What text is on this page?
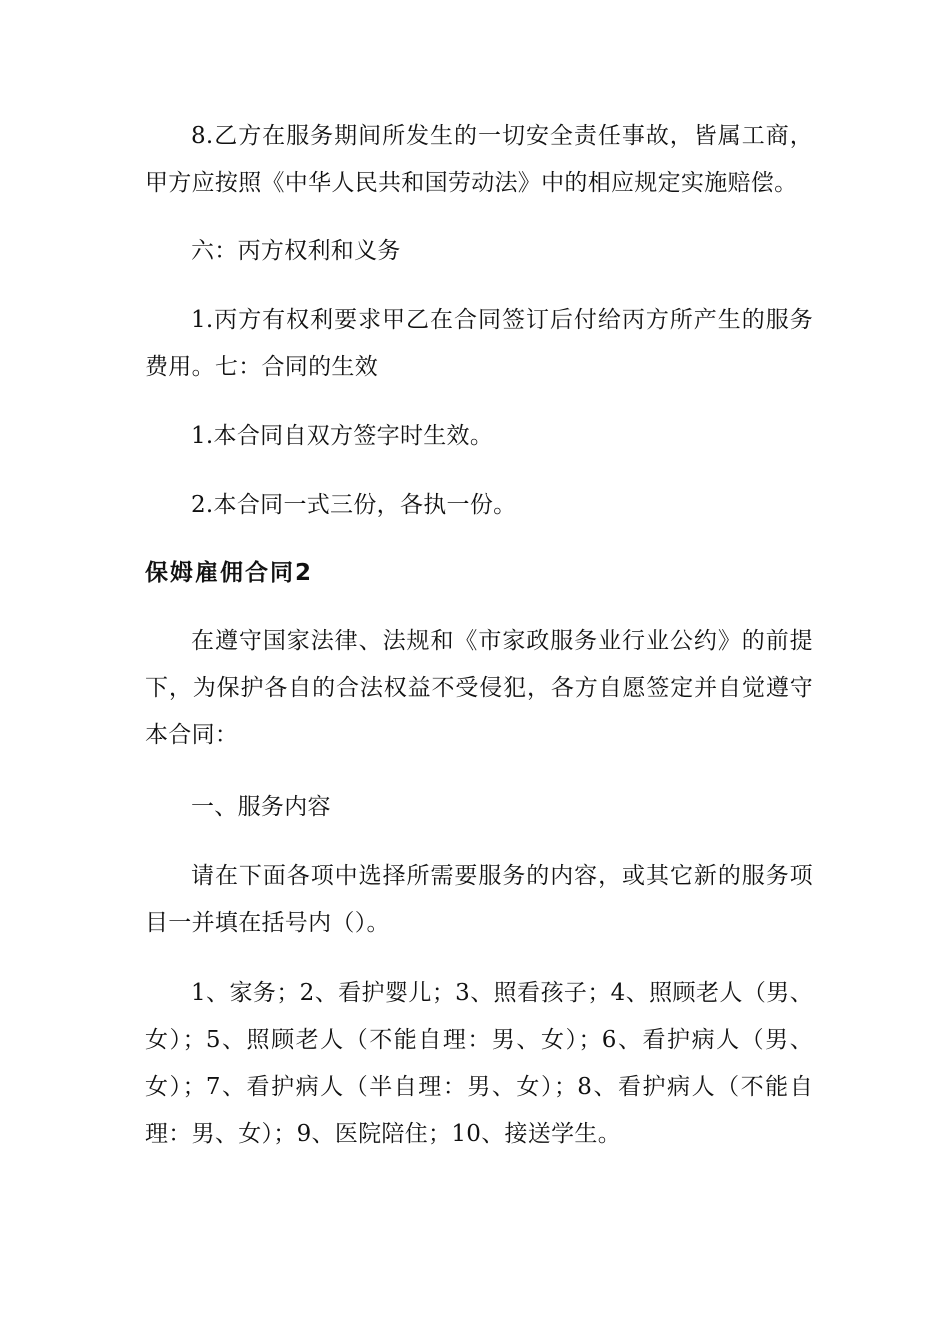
8.乙方在服务期间所发生的一切安全责任事故，皆属工商，甲方应按照《中华人民共和国劳动法》中的相应规定实施赔偿。

六：丙方权利和义务

1.丙方有权利要求甲乙在合同签订后付给丙方所产生的服务费用。七：合同的生效

1.本合同自双方签字时生效。

2.本合同一式三份，各执一份。

保姆雇佣合同2

在遵守国家法律、法规和《市家政服务业行业公约》的前提下，为保护各自的合法权益不受侵犯，各方自愿签定并自觉遵守本合同：

一、服务内容

请在下面各项中选择所需要服务的内容，或其它新的服务项目一并填在括号内（）。

1、家务；2、看护婴儿；3、照看孩子；4、照顾老人（男、女）；5、照顾老人（不能自理：男、女）；6、看护病人（男、女）；7、看护病人（半自理：男、女）；8、看护病人（不能自理：男、女）；9、医院陪住；10、接送学生。
